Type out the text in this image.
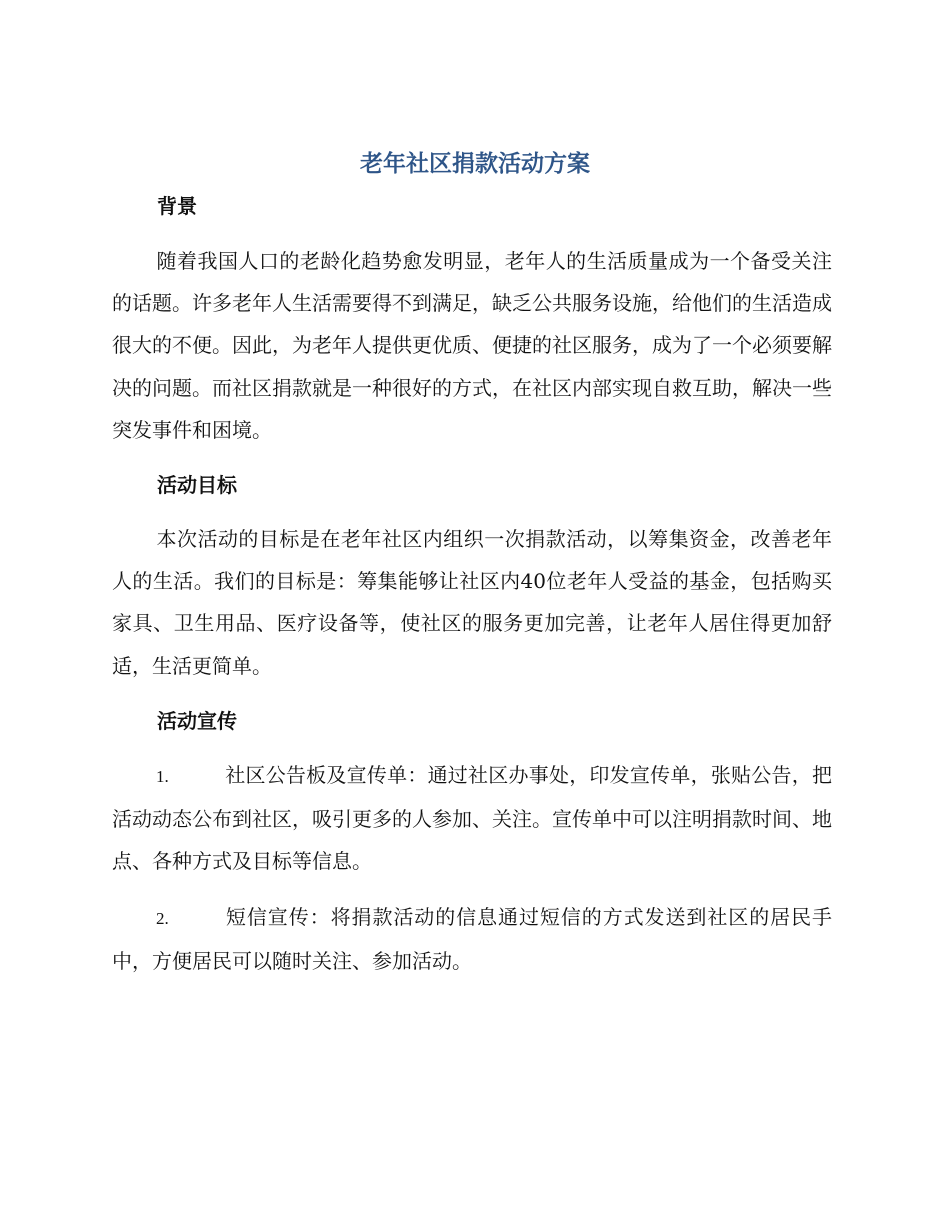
老年社区捐款活动方案
背景

随着我国人口的老龄化趋势愈发明显，老年人的生活质量成为一个备受关注的话题。许多老年人生活需要得不到满足，缺乏公共服务设施，给他们的生活造成很大的不便。因此，为老年人提供更优质、便捷的社区服务，成为了一个必须要解决的问题。而社区捐款就是一种很好的方式，在社区内部实现自救互助，解决一些突发事件和困境。

活动目标

本次活动的目标是在老年社区内组织一次捐款活动，以筹集资金，改善老年人的生活。我们的目标是：筹集能够让社区内40位老年人受益的基金，包括购买家具、卫生用品、医疗设备等，使社区的服务更加完善，让老年人居住得更加舒适，生活更简单。

活动宣传

1.	社区公告板及宣传单：通过社区办事处，印发宣传单，张贴公告，把活动动态公布到社区，吸引更多的人参加、关注。宣传单中可以注明捐款时间、地点、各种方式及目标等信息。

2.	短信宣传：将捐款活动的信息通过短信的方式发送到社区的居民手中，方便居民可以随时关注、参加活动。
